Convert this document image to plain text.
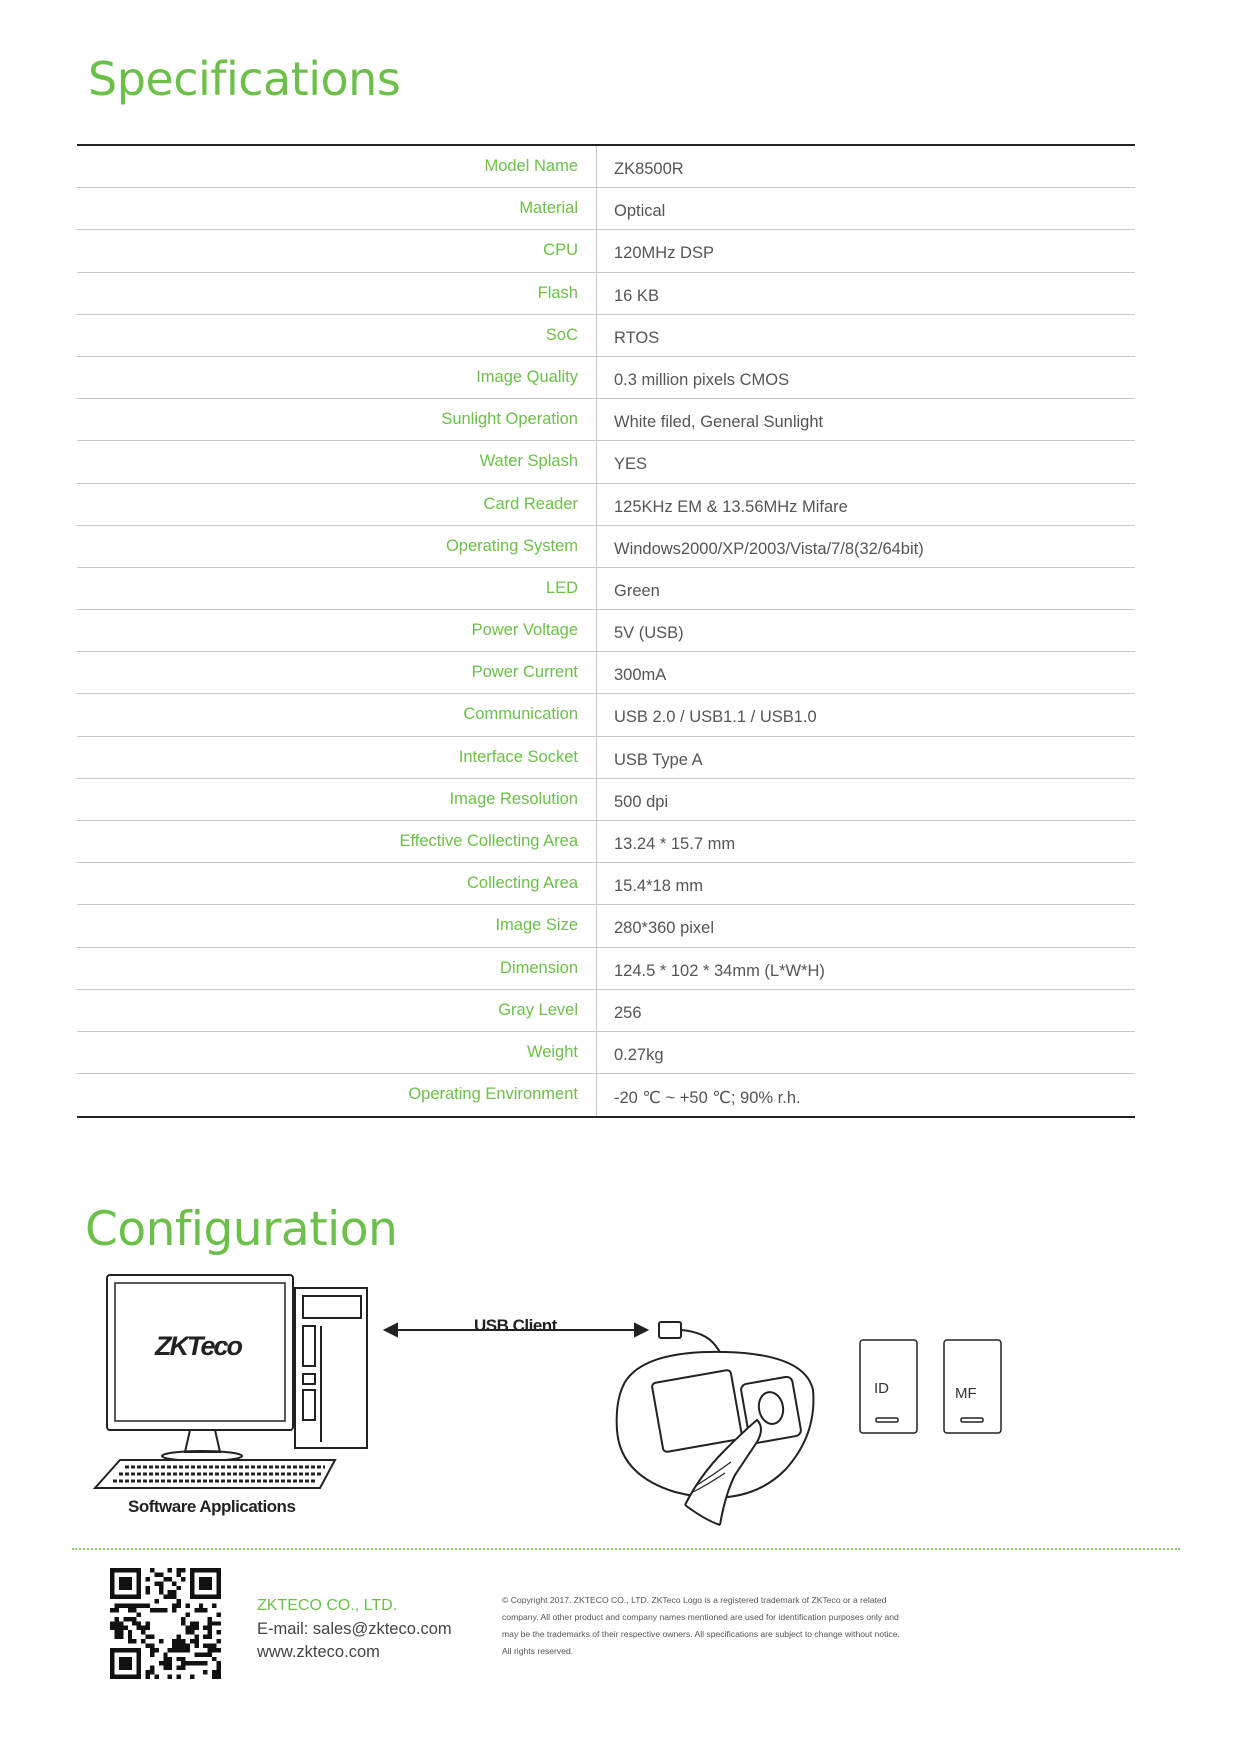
Specifications
Model Name	ZK8500R
Material	Optical
CPU	120MHz DSP
Flash	16 KB
SoC	RTOS
Image Quality	0.3 million pixels CMOS
Sunlight Operation	White filed, General Sunlight
Water Splash	YES
Card Reader	125KHz EM & 13.56MHz Mifare
Operating System	Windows2000/XP/2003/Vista/7/8(32/64bit)
LED	Green
Power Voltage	5V (USB)
Power Current	300mA
Communication	USB 2.0 / USB1.1 / USB1.0
Interface Socket	USB Type A
Image Resolution	500 dpi
Effective Collecting Area	13.24 * 15.7 mm
Collecting Area	15.4*18 mm
Image Size	280*360 pixel
Dimension	124.5 * 102 * 34mm (L*W*H)
Gray Level	256
Weight	0.27kg
Operating Environment	-20 ℃ ~ +50 ℃; 90% r.h.
Configuration
ZKTeco
USB Client
Software Applications
ID	MF
ZKTECO CO., LTD.
E-mail: sales@zkteco.com
www.zkteco.com
© Copyright 2017. ZKTECO CO., LTD. ZKTeco Logo is a registered trademark of ZKTeco or a related company. All other product and company names mentioned are used for identification purposes only and may be the trademarks of their respective owners. All specifications are subject to change without notice. All rights reserved.
